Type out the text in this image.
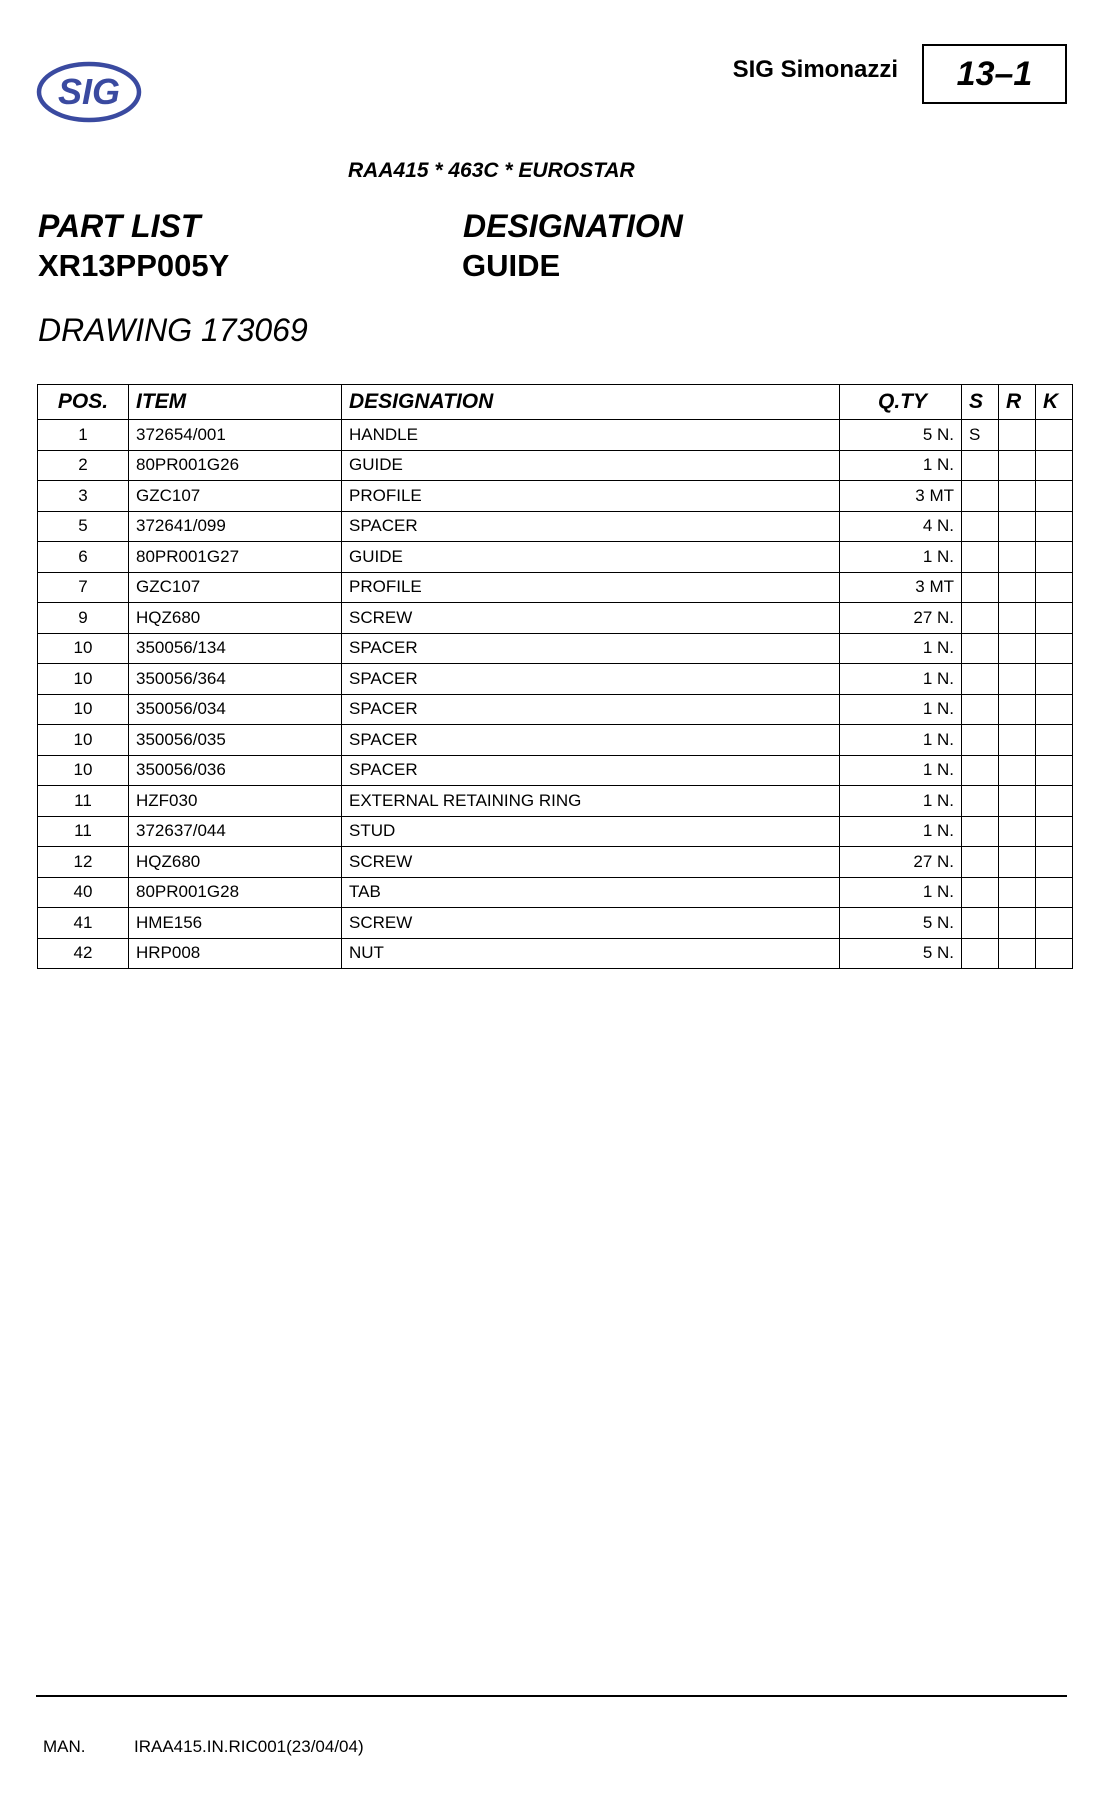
SIG
SIG Simonazzi	13–1
RAA415 * 463C * EUROSTAR
PART LIST
XR13PP005Y
DESIGNATION
GUIDE
DRAWING 173069
POS.	ITEM	DESIGNATION	Q.TY	S	R	K
1	372654/001	HANDLE	5 N.	S		
2	80PR001G26	GUIDE	1 N.			
3	GZC107	PROFILE	3 MT			
5	372641/099	SPACER	4 N.			
6	80PR001G27	GUIDE	1 N.			
7	GZC107	PROFILE	3 MT			
9	HQZ680	SCREW	27 N.			
10	350056/134	SPACER	1 N.			
10	350056/364	SPACER	1 N.			
10	350056/034	SPACER	1 N.			
10	350056/035	SPACER	1 N.			
10	350056/036	SPACER	1 N.			
11	HZF030	EXTERNAL RETAINING RING	1 N.			
11	372637/044	STUD	1 N.			
12	HQZ680	SCREW	27 N.			
40	80PR001G28	TAB	1 N.			
41	HME156	SCREW	5 N.			
42	HRP008	NUT	5 N.			
MAN.	IRAA415.IN.RIC001(23/04/04)
